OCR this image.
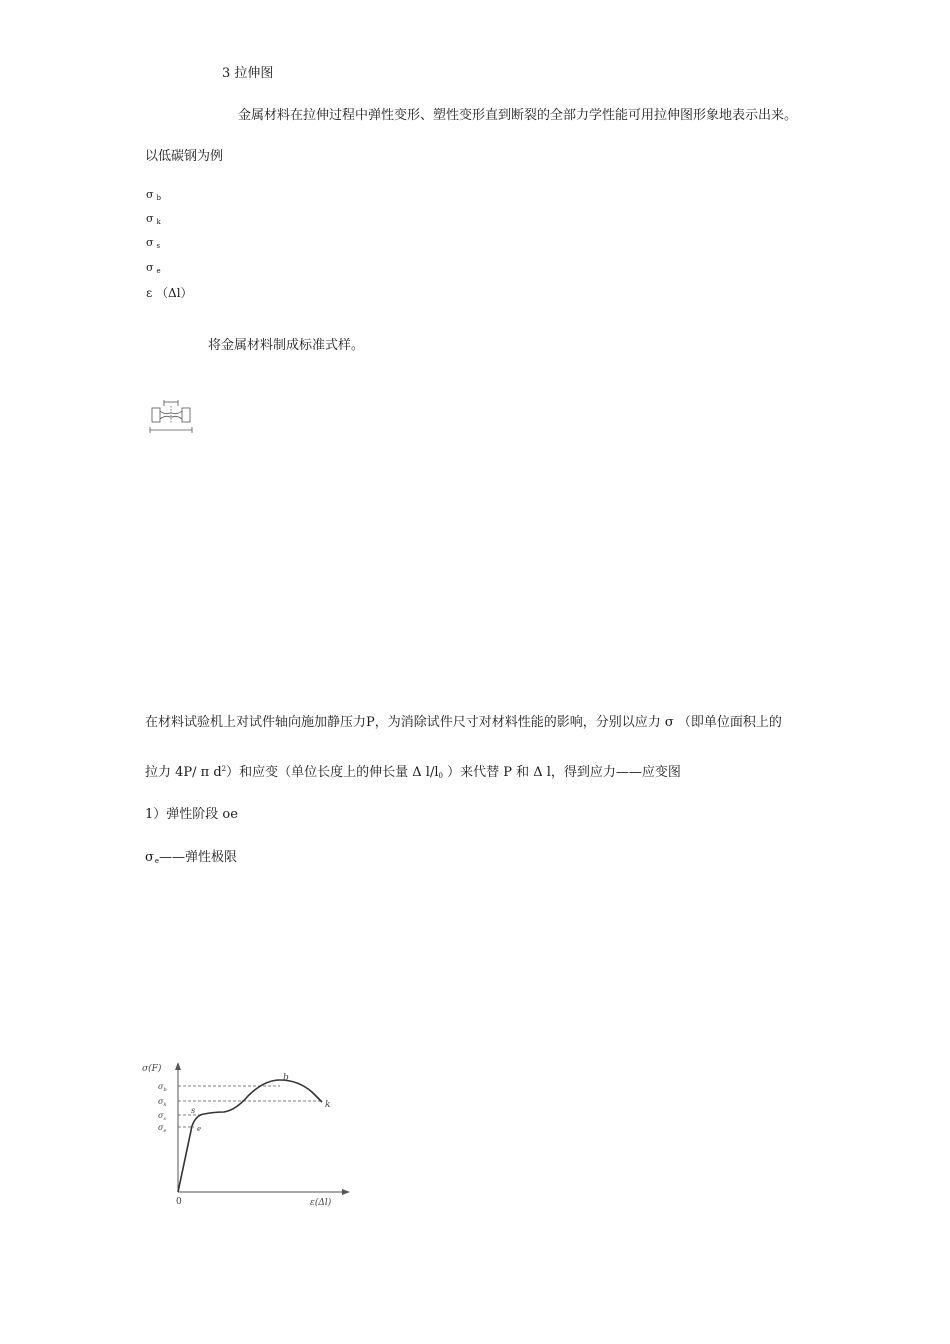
3 拉伸图
金属材料在拉伸过程中弹性变形、塑性变形直到断裂的全部力学性能可用拉伸图形象地表示出来。
以低碳钢为例
σ $_b$
σ $_k$
σ $_s$
σ $_e$
ε （Δl）
将金属材料制成标准式样。
在材料试验机上对试件轴向施加静压力P，为消除试件尺寸对材料性能的影响，分别以应力 σ （即单位面积上的
拉力 4P/ π $d^2$）和应变（单位长度上的伸长量 Δ $l/l_0$ ）来代替 P 和 Δ l，得到应力——应变图
1）弹性阶段 oe
$\sigma_e——$弹性极限
σ(F)
$\sigma_b$
$\sigma_k$
$\sigma_s$
$\sigma_e$
b
k
s
e
0	ε(Δl)
